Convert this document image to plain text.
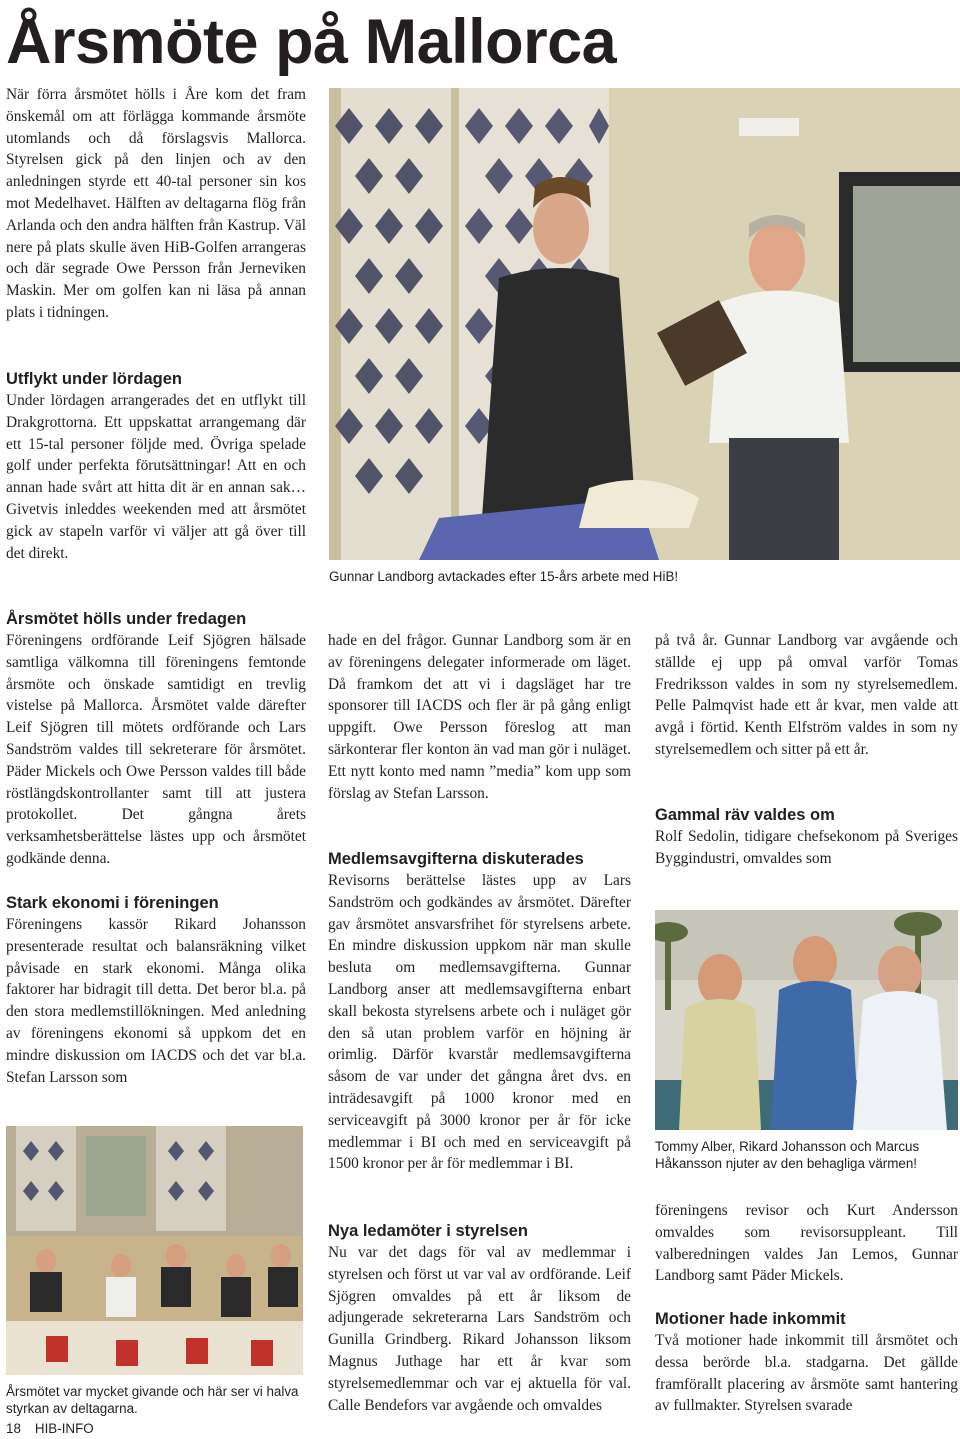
Årsmöte på Mallorca

När förra årsmötet hölls i Åre kom det fram önskemål om att förlägga kommande årsmöte utomlands och då förslagsvis Mallorca. Styrelsen gick på den linjen och av den anledningen styrde ett 40-tal personer sin kos mot Medelhavet. Hälften av deltagarna flög från Arlanda och den andra hälften från Kastrup. Väl nere på plats skulle även HiB-Golfen arrangeras och där segrade Owe Persson från Jerneviken Maskin. Mer om golfen kan ni läsa på annan plats i tidningen.

Utflykt under lördagen

Under lördagen arrangerades det en utflykt till Drakgrottorna. Ett uppskattat arrangemang där ett 15-tal personer följde med. Övriga spelade golf under perfekta förutsättningar! Att en och annan hade svårt att hitta dit är en annan sak… Givetvis inleddes weekenden med att årsmötet gick av stapeln varför vi väljer att gå över till det direkt.

Gunnar Landborg avtackades efter 15-års arbete med HiB!
Årsmötet hölls under fredagen

Föreningens ordförande Leif Sjögren hälsade samtliga välkomna till föreningens femtonde årsmöte och önskade samtidigt en trevlig vistelse på Mallorca. Årsmötet valde därefter Leif Sjögren till mötets ordförande och Lars Sandström valdes till sekreterare för årsmötet. Päder Mickels och Owe Persson valdes till både röstlängdskontrollanter samt till att justera protokollet. Det gångna årets verksamhetsberättelse lästes upp och årsmötet godkände denna.

Stark ekonomi i föreningen

Föreningens kassör Rikard Johansson presenterade resultat och balansräkning vilket påvisade en stark ekonomi. Många olika faktorer har bidragit till detta. Det beror bl.a. på den stora medlemstillökningen. Med anledning av föreningens ekonomi så uppkom det en mindre diskussion om IACDS och det var bl.a. Stefan Larsson som

Årsmötet var mycket givande och här ser vi halva styrkan av deltagarna.

hade en del frågor. Gunnar Landborg som är en av föreningens delegater informerade om läget. Då framkom det att vi i dagsläget har tre sponsorer till IACDS och fler är på gång enligt uppgift. Owe Persson föreslog att man särkonterar fler konton än vad man gör i nuläget. Ett nytt konto med namn ”media” kom upp som förslag av Stefan Larsson.

Medlemsavgifterna diskuterades

Revisorns berättelse lästes upp av Lars Sandström och godkändes av årsmötet. Därefter gav årsmötet ansvarsfrihet för styrelsens arbete. En mindre diskussion uppkom när man skulle besluta om medlemsavgifterna. Gunnar Landborg anser att medlemsavgifterna enbart skall bekosta styrelsens arbete och i nuläget gör den så utan problem varför en höjning är orimlig. Därför kvarstår medlemsavgifterna såsom de var under det gångna året dvs. en inträdesavgift på 1000 kronor med en serviceavgift på 3000 kronor per år för icke medlemmar i BI och med en serviceavgift på 1500 kronor per år för medlemmar i BI.

Nya ledamöter i styrelsen

Nu var det dags för val av medlemmar i styrelsen och först ut var val av ordförande. Leif Sjögren omvaldes på ett år liksom de adjungerade sekreterarna Lars Sandström och Gunilla Grindberg. Rikard Johansson liksom Magnus Juthage har ett år kvar som styrelsemedlemmar och var ej aktuella för val. Calle Bendefors var avgående och omvaldes

på två år. Gunnar Landborg var avgående och ställde ej upp på omval varför Tomas Fredriksson valdes in som ny styrelsemedlem. Pelle Palmqvist hade ett år kvar, men valde att avgå i förtid. Kenth Elfström valdes in som ny styrelsemedlem och sitter på ett år.

Gammal räv valdes om

Rolf Sedolin, tidigare chefsekonom på Sveriges Byggindustri, omvaldes som

Tommy Alber, Rikard Johansson och Marcus Håkansson njuter av den behagliga värmen!

föreningens revisor och Kurt Andersson omvaldes som revisorsuppleant. Till valberedningen valdes Jan Lemos, Gunnar Landborg samt Päder Mickels.

Motioner hade inkommit

Två motioner hade inkommit till årsmötet och dessa berörde bl.a. stadgarna. Det gällde framförallt placering av årsmöte samt hantering av fullmakter. Styrelsen svarade

18 HIB-INFO
